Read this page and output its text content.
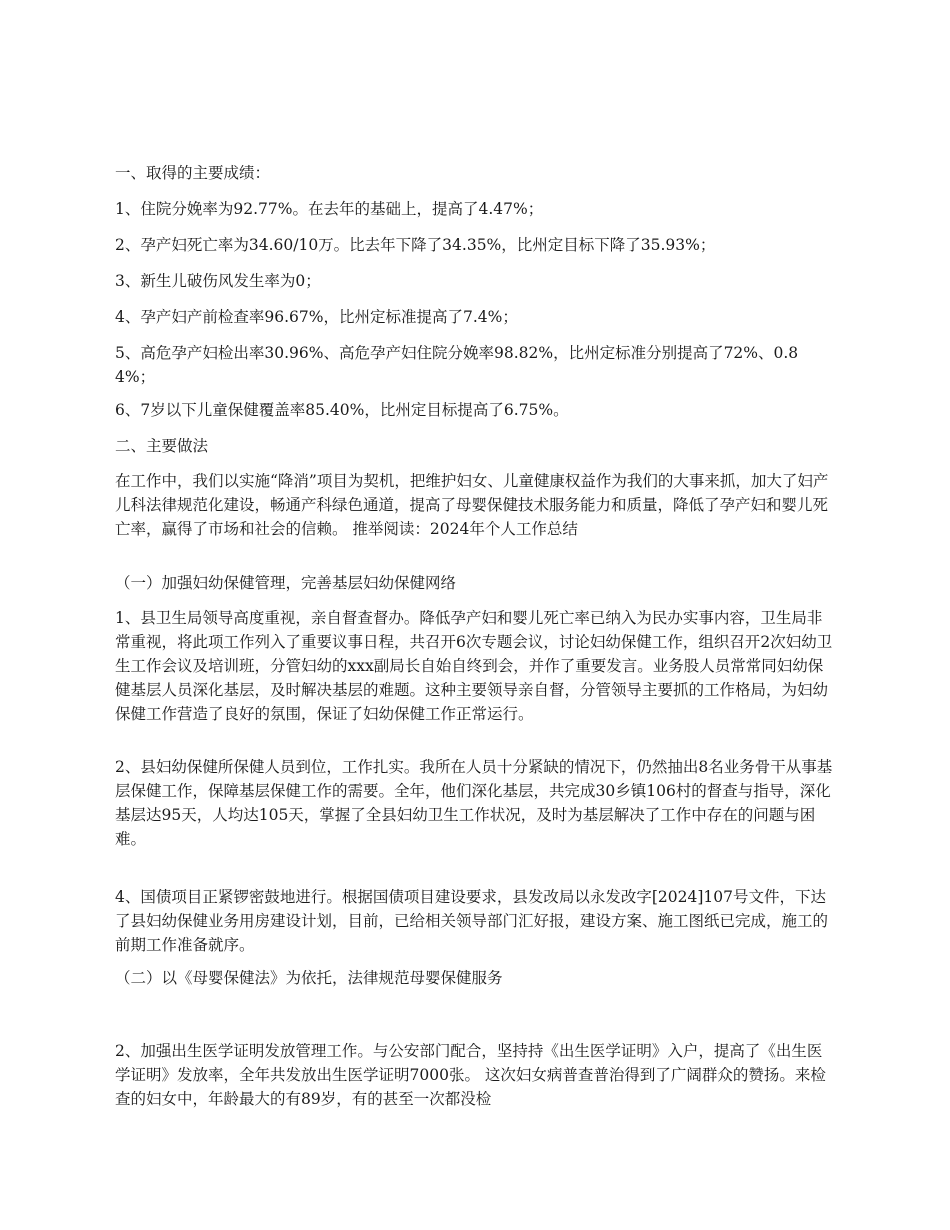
一、取得的主要成绩：

1、住院分娩率为92.77%。在去年的基础上，提高了4.47%；

2、孕产妇死亡率为34.60/10万。比去年下降了34.35%，比州定目标下降了35.93%；

3、新生儿破伤风发生率为0；

4、孕产妇产前检查率96.67%，比州定标准提高了7.4%；

5、高危孕产妇检出率30.96%、高危孕产妇住院分娩率98.82%，比州定标准分别提高了72%、0.84%；

6、7岁以下儿童保健覆盖率85.40%，比州定目标提高了6.75%。

二、主要做法

在工作中，我们以实施“降消”项目为契机，把维护妇女、儿童健康权益作为我们的大事来抓，加大了妇产儿科法律规范化建设，畅通产科绿色通道，提高了母婴保健技术服务能力和质量，降低了孕产妇和婴儿死亡率，赢得了市场和社会的信赖。 推举阅读：2024年个人工作总结

（一）加强妇幼保健管理，完善基层妇幼保健网络

1、县卫生局领导高度重视，亲自督查督办。降低孕产妇和婴儿死亡率已纳入为民办实事内容，卫生局非常重视，将此项工作列入了重要议事日程，共召开6次专题会议，讨论妇幼保健工作，组织召开2次妇幼卫生工作会议及培训班，分管妇幼的xxx副局长自始自终到会，并作了重要发言。业务股人员常常同妇幼保健基层人员深化基层，及时解决基层的难题。这种主要领导亲自督，分管领导主要抓的工作格局，为妇幼保健工作营造了良好的氛围，保证了妇幼保健工作正常运行。

2、县妇幼保健所保健人员到位，工作扎实。我所在人员十分紧缺的情况下，仍然抽出8名业务骨干从事基层保健工作，保障基层保健工作的需要。全年，他们深化基层，共完成30乡镇106村的督查与指导，深化基层达95天，人均达105天，掌握了全县妇幼卫生工作状况，及时为基层解决了工作中存在的问题与困难。

4、国债项目正紧锣密鼓地进行。根据国债项目建设要求，县发改局以永发改字[2024]107号文件，下达了县妇幼保健业务用房建设计划，目前，已给相关领导部门汇好报，建设方案、施工图纸已完成，施工的前期工作准备就序。

（二）以《母婴保健法》为依托，法律规范母婴保健服务

2、加强出生医学证明发放管理工作。与公安部门配合，坚持持《出生医学证明》入户，提高了《出生医学证明》发放率，全年共发放出生医学证明7000张。 这次妇女病普查普治得到了广阔群众的赞扬。来检查的妇女中，年龄最大的有89岁，有的甚至一次都没检
